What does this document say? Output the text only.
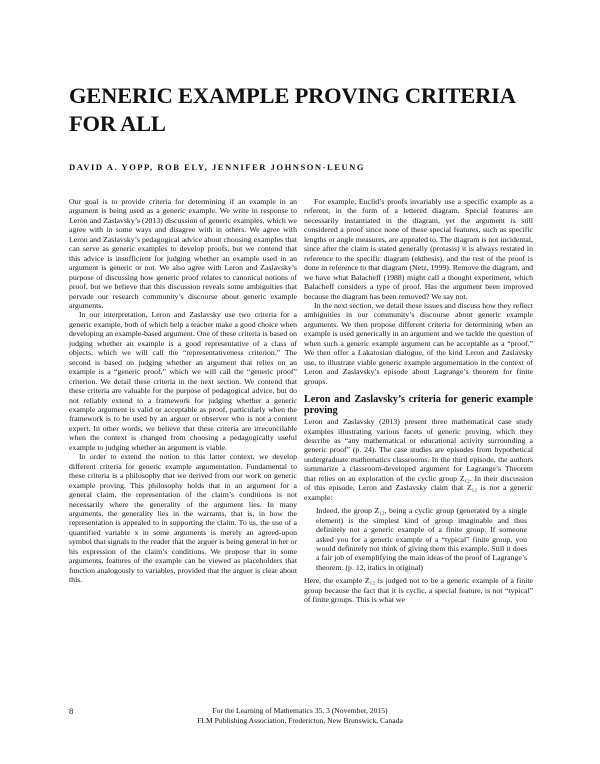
GENERIC EXAMPLE PROVING CRITERIA FOR ALL
DAVID A. YOPP, ROB ELY, JENNIFER JOHNSON-LEUNG

Our goal is to provide criteria for determining if an example in an argument is being used as a generic example. We write in response to Leron and Zaslavsky’s (2013) discussion of generic examples, which we agree with in some ways and disagree with in others. We agree with Leron and Zaslavsky’s pedagogical advice about choosing examples that can serve as generic examples to develop proofs, but we contend that this advice is insufficient for judging whether an example used in an argument is generic or not. We also agree with Leron and Zaslavsky’s purpose of discussing how generic proof relates to canonical notions of proof, but we believe that this discussion reveals some ambiguities that pervade our research community’s discourse about generic example arguments.

In our interpretation, Leron and Zaslavsky use two criteria for a generic example, both of which help a teacher make a good choice when developing an example-based argument. One of these criteria is based on judging whether an example is a good representative of a class of objects, which we will call the “representativeness criterion.” The second is based on judging whether an argument that relies on an example is a “generic proof,” which we will call the “generic proof” criterion. We detail these criteria in the next section. We contend that these criteria are valuable for the purpose of pedagogical advice, but do not reliably extend to a framework for judging whether a generic example argument is valid or acceptable as proof, particularly when the framework is to be used by an arguer or observer who is not a content expert. In other words, we believe that these criteria are irreconcilable when the context is changed from choosing a pedagogically useful example to judging whether an argument is viable.

In order to extend the notion to this latter context, we develop different criteria for generic example argumentation. Fundamental to these criteria is a philosophy that we derived from our work on generic example proving. This philosophy holds that in an argument for a general claim, the representation of the claim’s conditions is not necessarily where the generality of the argument lies. In many arguments, the generality lies in the warrants, that is, in how the representation is appealed to in supporting the claim. To us, the use of a quantified variable x in some arguments is merely an agreed-upon symbol that signals to the reader that the arguer is being general in her or his expression of the claim’s conditions. We propose that in some arguments, features of the example can be viewed as placeholders that function analogously to variables, provided that the arguer is clear about this.

For example, Euclid’s proofs invariably use a specific example as a referent, in the form of a lettered diagram. Special features are necessarily instantiated in the diagram, yet the argument is still considered a proof since none of these special features, such as specific lengths or angle measures, are appealed to. The diagram is not incidental, since after the claim is stated generally (protasis) it is always restated in reference to the specific diagram (ekthesis), and the rest of the proof is done in reference to that diagram (Netz, 1999). Remove the diagram, and we have what Balacheff (1988) might call a thought experiment, which Balacheff considers a type of proof. Has the argument been improved because the diagram has been removed? We say not.

In the next section, we detail these issues and discuss how they reflect ambiguities in our community’s discourse about generic example arguments. We then propose different criteria for determining when an example is used generically in an argument and we tackle the question of when such a generic example argument can be acceptable as a “proof.” We then offer a Lakatosian dialogue, of the kind Leron and Zaslavsky use, to illustrate viable generic example argumentation in the context of Leron and Zaslavsky’s episode about Lagrange’s theorem for finite groups.

Leron and Zaslavsky’s criteria for generic example proving

Leron and Zaslavsky (2013) present three mathematical case study examples illustrating various facets of generic proving, which they describe as “any mathematical or educational activity surrounding a generic proof” (p. 24). The case studies are episodes from hypothetical undergraduate mathematics classrooms. In the third episode, the authors summarize a classroom-developed argument for Lagrange’s Theorem that relies on an exploration of the cyclic group Z₁₂. In their discussion of this episode, Leron and Zaslavsky claim that Z₁₂ is not a generic example:

Indeed, the group Z₁₂, being a cyclic group (generated by a single element) is the simplest kind of group imaginable and thus definitely not a generic example of a finite group. If someone asked you for a generic example of a “typical” finite group, you would definitely not think of giving them this example. Still it does a fair job of exemplifying the main ideas of the proof of Lagrange’s theorem. (p. 12, italics in original)

Here, the example Z₁₂ is judged not to be a generic example of a finite group because the fact that it is cyclic, a special feature, is not “typical” of finite groups. This is what we

8	For the Learning of Mathematics 35, 3 (November, 2015)
FLM Publishing Association, Fredericton, New Brunswick, Canada
